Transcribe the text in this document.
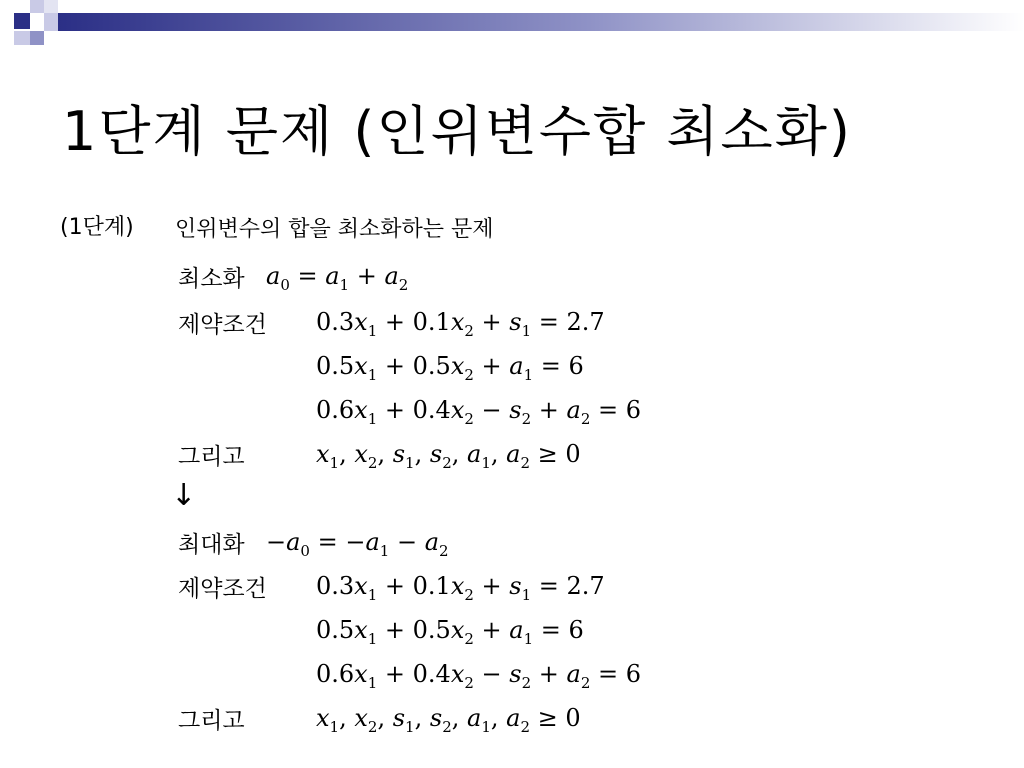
1단계 문제 (인위변수합 최소화)
(1단계) 인위변수의 합을 최소화하는 문제
최소화 $a_0 = a_1 + a_2$
제약조건 $0.3x_1 + 0.1x_2 + s_1 = 2.7$
$0.5x_1 + 0.5x_2 + a_1 = 6$
$0.6x_1 + 0.4x_2 - s_2 + a_2 = 6$
그리고	$x_1$, $x_2$, $s_1$, $s_2$, $a_1$, $a_2 \ge 0$
↓
최대화 $-a_0 = -a_1 - a_2$
제약조건 $0.3x_1 + 0.1x_2 + s_1 = 2.7$
$0.5x_1 + 0.5x_2 + a_1 = 6$
$0.6x_1 + 0.4x_2 - s_2 + a_2 = 6$
그리고	$x_1$, $x_2$, $s_1$, $s_2$, $a_1$, $a_2 \ge 0$
